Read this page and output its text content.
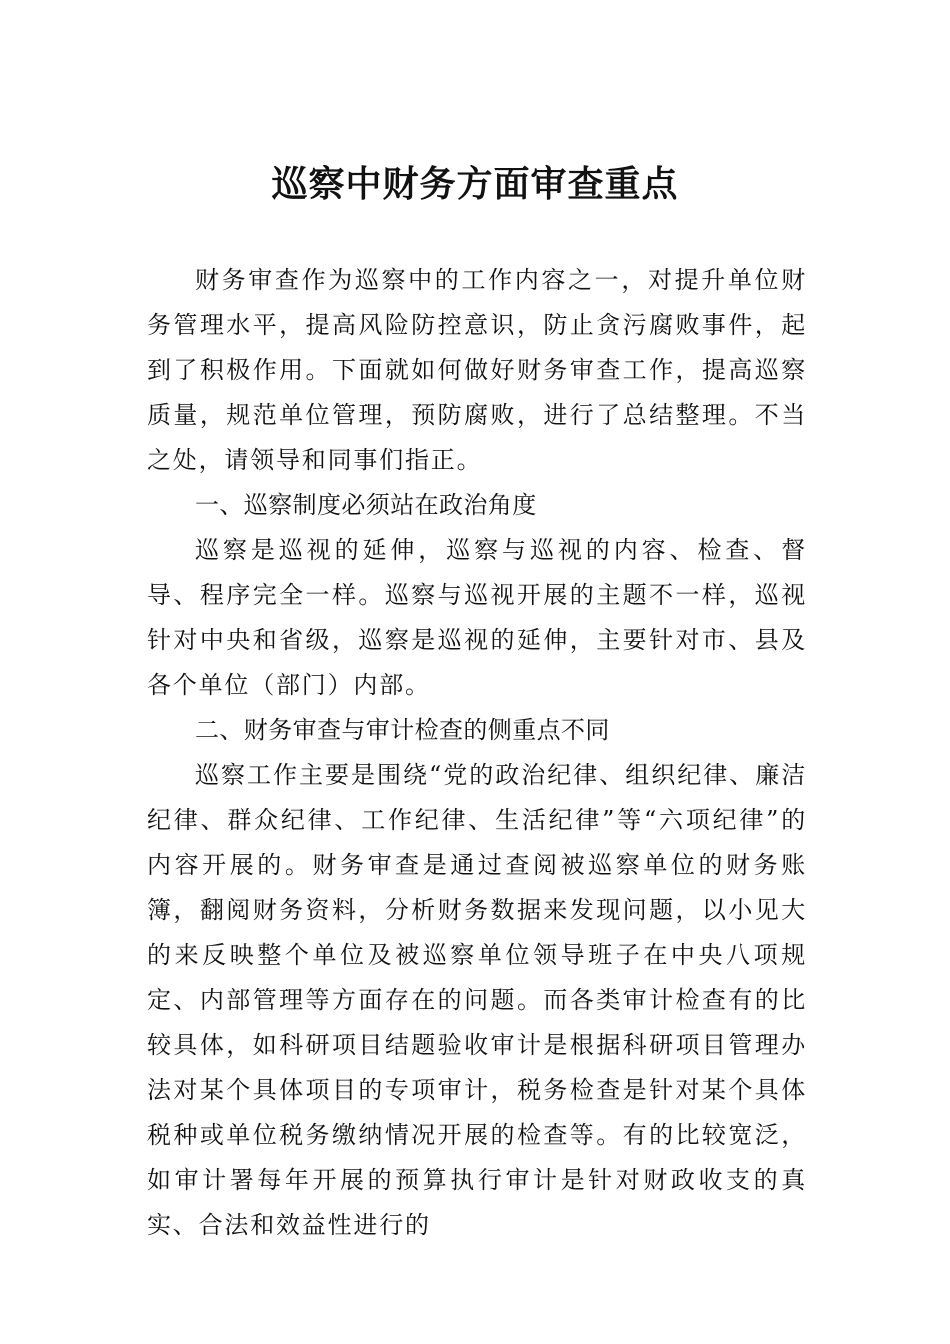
巡察中财务方面审查重点

财务审查作为巡察中的工作内容之一，对提升单位财务管理水平，提高风险防控意识，防止贪污腐败事件，起到了积极作用。下面就如何做好财务审查工作，提高巡察质量，规范单位管理，预防腐败，进行了总结整理。不当之处，请领导和同事们指正。

一、巡察制度必须站在政治角度

巡察是巡视的延伸，巡察与巡视的内容、检查、督导、程序完全一样。巡察与巡视开展的主题不一样，巡视针对中央和省级，巡察是巡视的延伸，主要针对市、县及各个单位（部门）内部。

二、财务审查与审计检查的侧重点不同

巡察工作主要是围绕“党的政治纪律、组织纪律、廉洁纪律、群众纪律、工作纪律、生活纪律”等“六项纪律”的内容开展的。财务审查是通过查阅被巡察单位的财务账簿，翻阅财务资料，分析财务数据来发现问题，以小见大的来反映整个单位及被巡察单位领导班子在中央八项规定、内部管理等方面存在的问题。而各类审计检查有的比较具体，如科研项目结题验收审计是根据科研项目管理办法对某个具体项目的专项审计，税务检查是针对某个具体税种或单位税务缴纳情况开展的检查等。有的比较宽泛，如审计署每年开展的预算执行审计是针对财政收支的真实、合法和效益性进行的
